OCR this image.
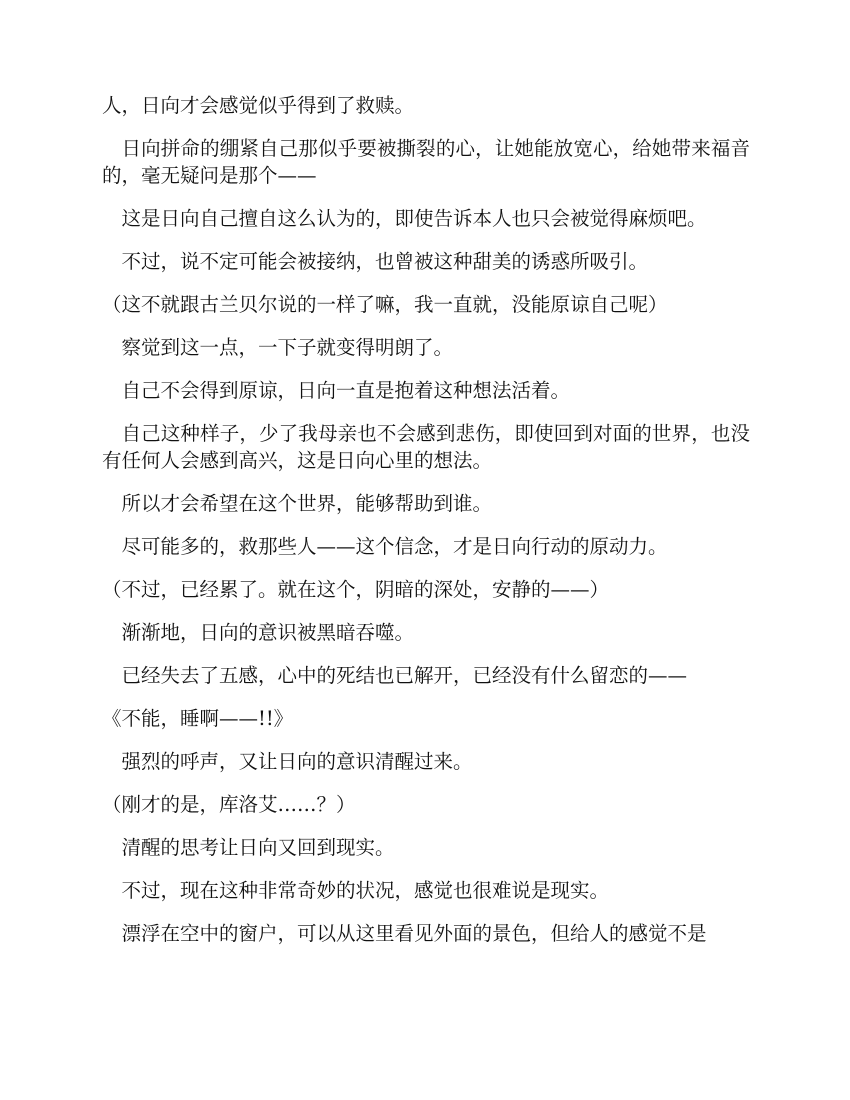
人，日向才会感觉似乎得到了救赎。

日向拼命的绷紧自己那似乎要被撕裂的心，让她能放宽心，给她带来福音的，毫无疑问是那个——

这是日向自己擅自这么认为的，即使告诉本人也只会被觉得麻烦吧。

不过，说不定可能会被接纳，也曾被这种甜美的诱惑所吸引。

（这不就跟古兰贝尔说的一样了嘛，我一直就，没能原谅自己呢）

察觉到这一点，一下子就变得明朗了。

自己不会得到原谅，日向一直是抱着这种想法活着。

自己这种样子，少了我母亲也不会感到悲伤，即使回到对面的世界，也没有任何人会感到高兴，这是日向心里的想法。

所以才会希望在这个世界，能够帮助到谁。

尽可能多的，救那些人——这个信念，才是日向行动的原动力。

（不过，已经累了。就在这个，阴暗的深处，安静的——）

渐渐地，日向的意识被黑暗吞噬。

已经失去了五感，心中的死结也已解开，已经没有什么留恋的——

《不能，睡啊——!!》

强烈的呼声，又让日向的意识清醒过来。

（刚才的是，库洛艾……？）

清醒的思考让日向又回到现实。

不过，现在这种非常奇妙的状况，感觉也很难说是现实。

漂浮在空中的窗户，可以从这里看见外面的景色，但给人的感觉不是
